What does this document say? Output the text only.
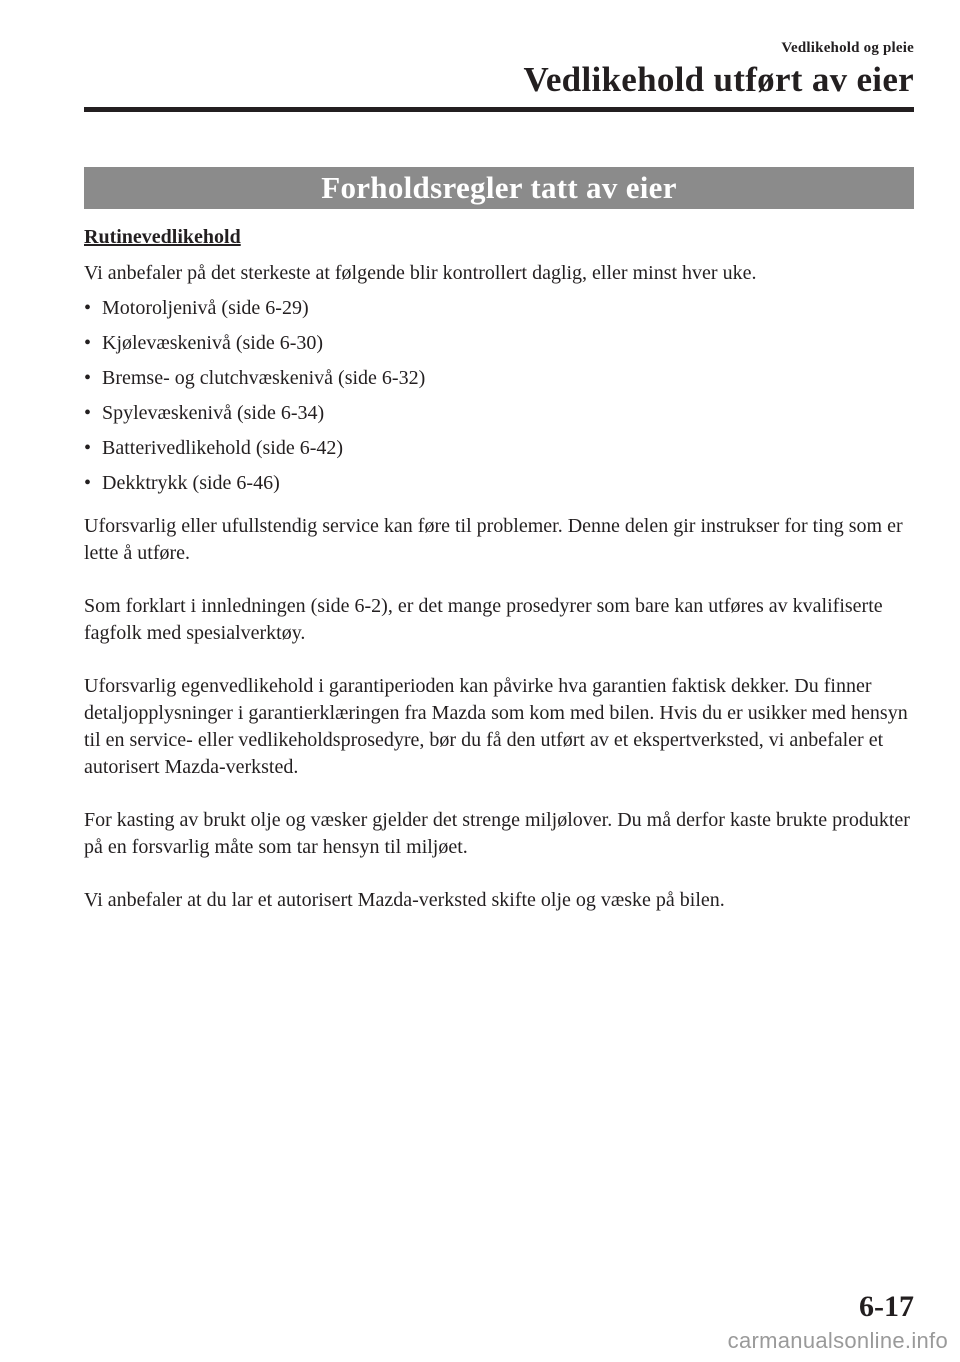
Vedlikehold og pleie
Vedlikehold utført av eier
Forholdsregler tatt av eier

Rutinevedlikehold

Vi anbefaler på det sterkeste at følgende blir kontrollert daglig, eller minst hver uke.

• Motoroljenivå (side 6-29)
• Kjølevæskenivå (side 6-30)
• Bremse- og clutchvæskenivå (side 6-32)
• Spylevæskenivå (side 6-34)
• Batterivedlikehold (side 6-42)
• Dekktrykk (side 6-46)

Uforsvarlig eller ufullstendig service kan føre til problemer. Denne delen gir instrukser for ting som er lette å utføre.

Som forklart i innledningen (side 6-2), er det mange prosedyrer som bare kan utføres av kvalifiserte fagfolk med spesialverktøy.

Uforsvarlig egenvedlikehold i garantiperioden kan påvirke hva garantien faktisk dekker. Du finner detaljopplysninger i garantierklæringen fra Mazda som kom med bilen. Hvis du er usikker med hensyn til en service- eller vedlikeholdsprosedyre, bør du få den utført av et ekspertverksted, vi anbefaler et autorisert Mazda-verksted.

For kasting av brukt olje og væsker gjelder det strenge miljølover. Du må derfor kaste brukte produkter på en forsvarlig måte som tar hensyn til miljøet.

Vi anbefaler at du lar et autorisert Mazda-verksted skifte olje og væske på bilen.

6-17
carmanualsonline.info
